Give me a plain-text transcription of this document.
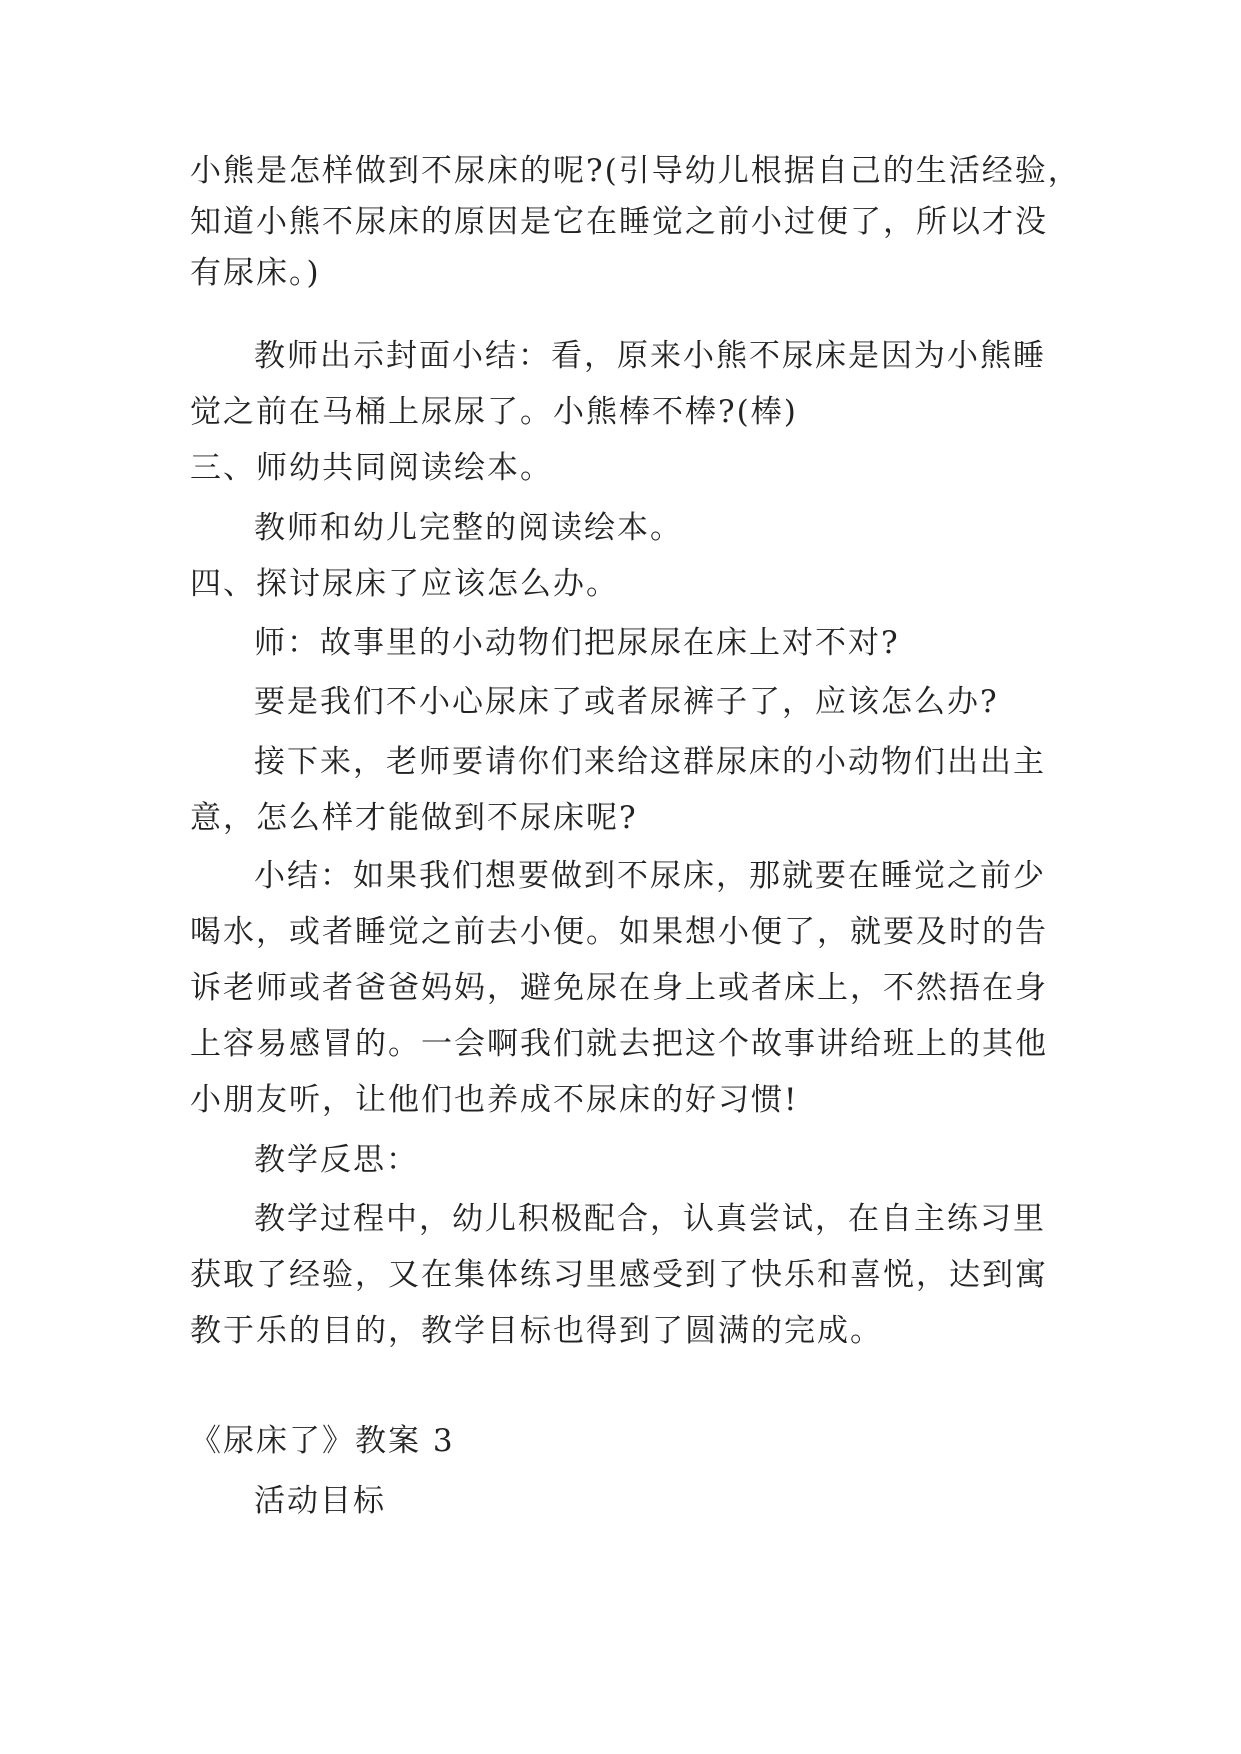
小熊是怎样做到不尿床的呢?(引导幼儿根据自己的生活经验，
知道小熊不尿床的原因是它在睡觉之前小过便了，所以才没
有尿床。)
教师出示封面小结：看，原来小熊不尿床是因为小熊睡
觉之前在马桶上尿尿了。小熊棒不棒?(棒)
三、师幼共同阅读绘本。
教师和幼儿完整的阅读绘本。
四、探讨尿床了应该怎么办。
师：故事里的小动物们把尿尿在床上对不对?
要是我们不小心尿床了或者尿裤子了，应该怎么办?
接下来，老师要请你们来给这群尿床的小动物们出出主
意，怎么样才能做到不尿床呢?
小结：如果我们想要做到不尿床，那就要在睡觉之前少
喝水，或者睡觉之前去小便。如果想小便了，就要及时的告
诉老师或者爸爸妈妈，避免尿在身上或者床上，不然捂在身
上容易感冒的。一会啊我们就去把这个故事讲给班上的其他
小朋友听，让他们也养成不尿床的好习惯!
教学反思：
教学过程中，幼儿积极配合，认真尝试，在自主练习里
获取了经验，又在集体练习里感受到了快乐和喜悦，达到寓
教于乐的目的，教学目标也得到了圆满的完成。
《尿床了》教案 3
活动目标
